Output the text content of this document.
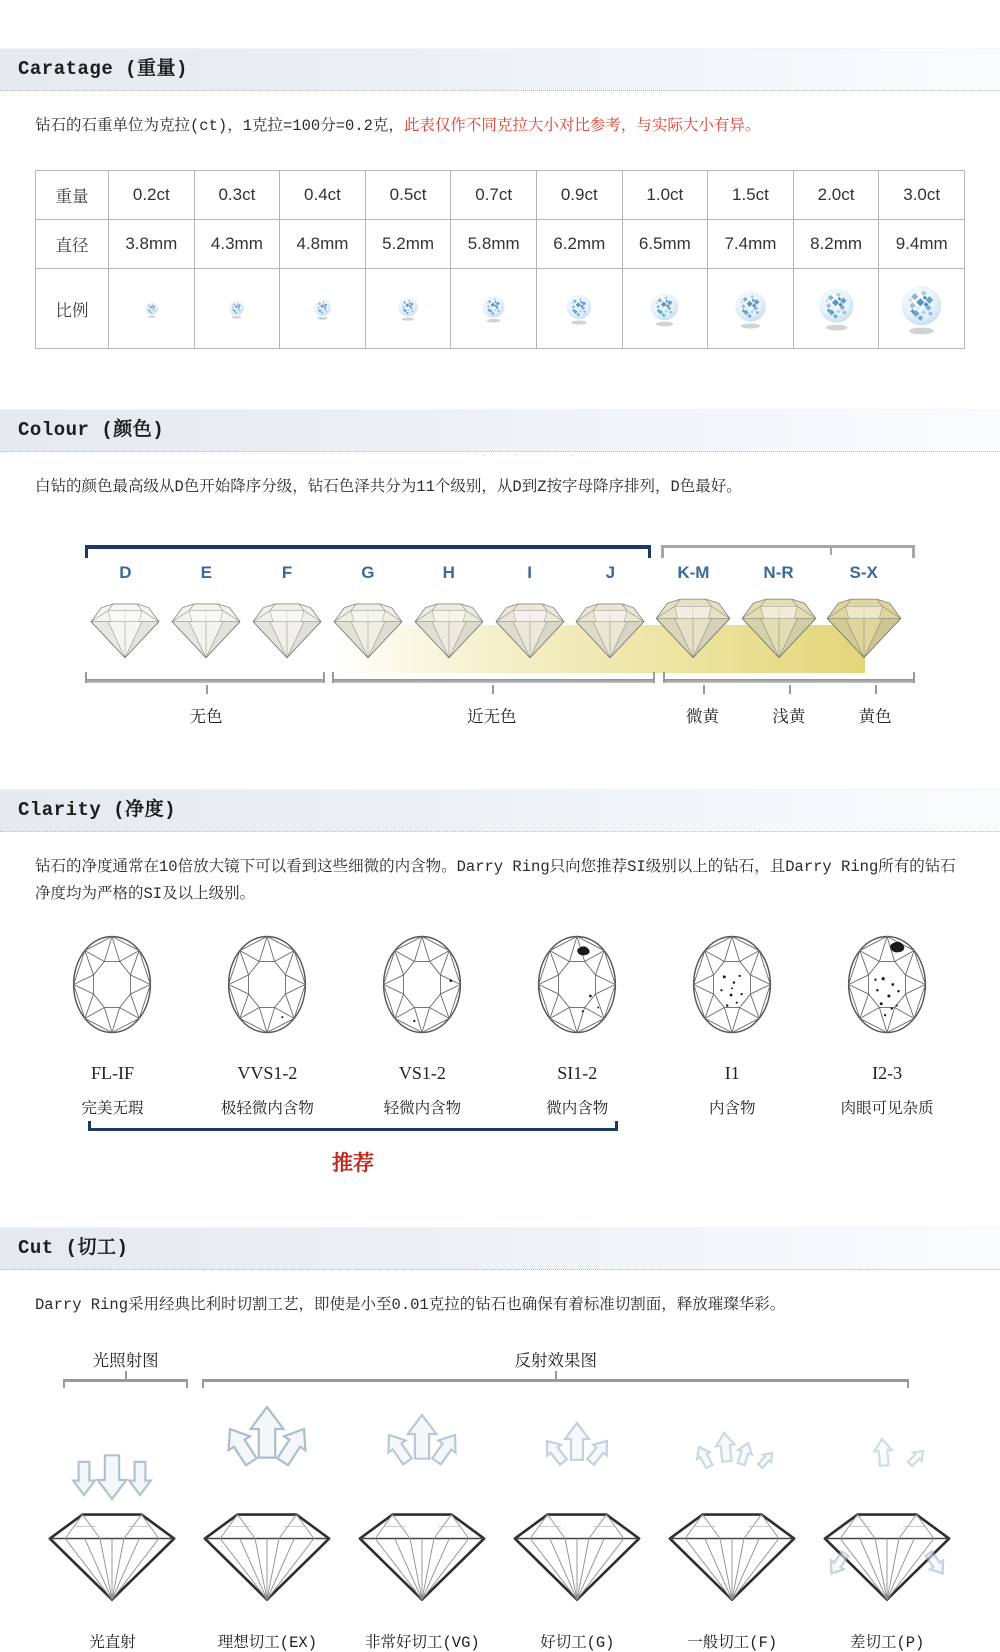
Caratage (重量)
钻石的石重单位为克拉(ct)，1克拉=100分=0.2克，此表仅作不同克拉大小对比参考，与实际大小有异。
重量	0.2ct	0.3ct	0.4ct	0.5ct	0.7ct	0.9ct	1.0ct	1.5ct	2.0ct	3.0ct
直径	3.8mm	4.3mm	4.8mm	5.2mm	5.8mm	6.2mm	6.5mm	7.4mm	8.2mm	9.4mm
比例										
Colour (颜色)
白钻的颜色最高级从D色开始降序分级，钻石色泽共分为11个级别，从D到Z按字母降序排列，D色最好。
D	E	F	G	H	I	J	K-M	N-R	S-X
无色	近无色	微黄	浅黄	黄色
Clarity (净度)
钻石的净度通常在10倍放大镜下可以看到这些细微的内含物。Darry Ring只向您推荐SI级别以上的钻石，且Darry Ring所有的钻石净度均为严格的SI及以上级别。
FL-IF
完美无瑕
VVS1-2
极轻微内含物
VS1-2
轻微内含物
SI1-2
微内含物
I1
内含物
I2-3
肉眼可见杂质
推荐
Cut (切工)
Darry Ring采用经典比利时切割工艺，即使是小至0.01克拉的钻石也确保有着标准切割面，释放璀璨华彩。
光照射图	反射效果图
光直射	理想切工(EX)	非常好切工(VG)	好切工(G)	一般切工(F)	差切工(P)
